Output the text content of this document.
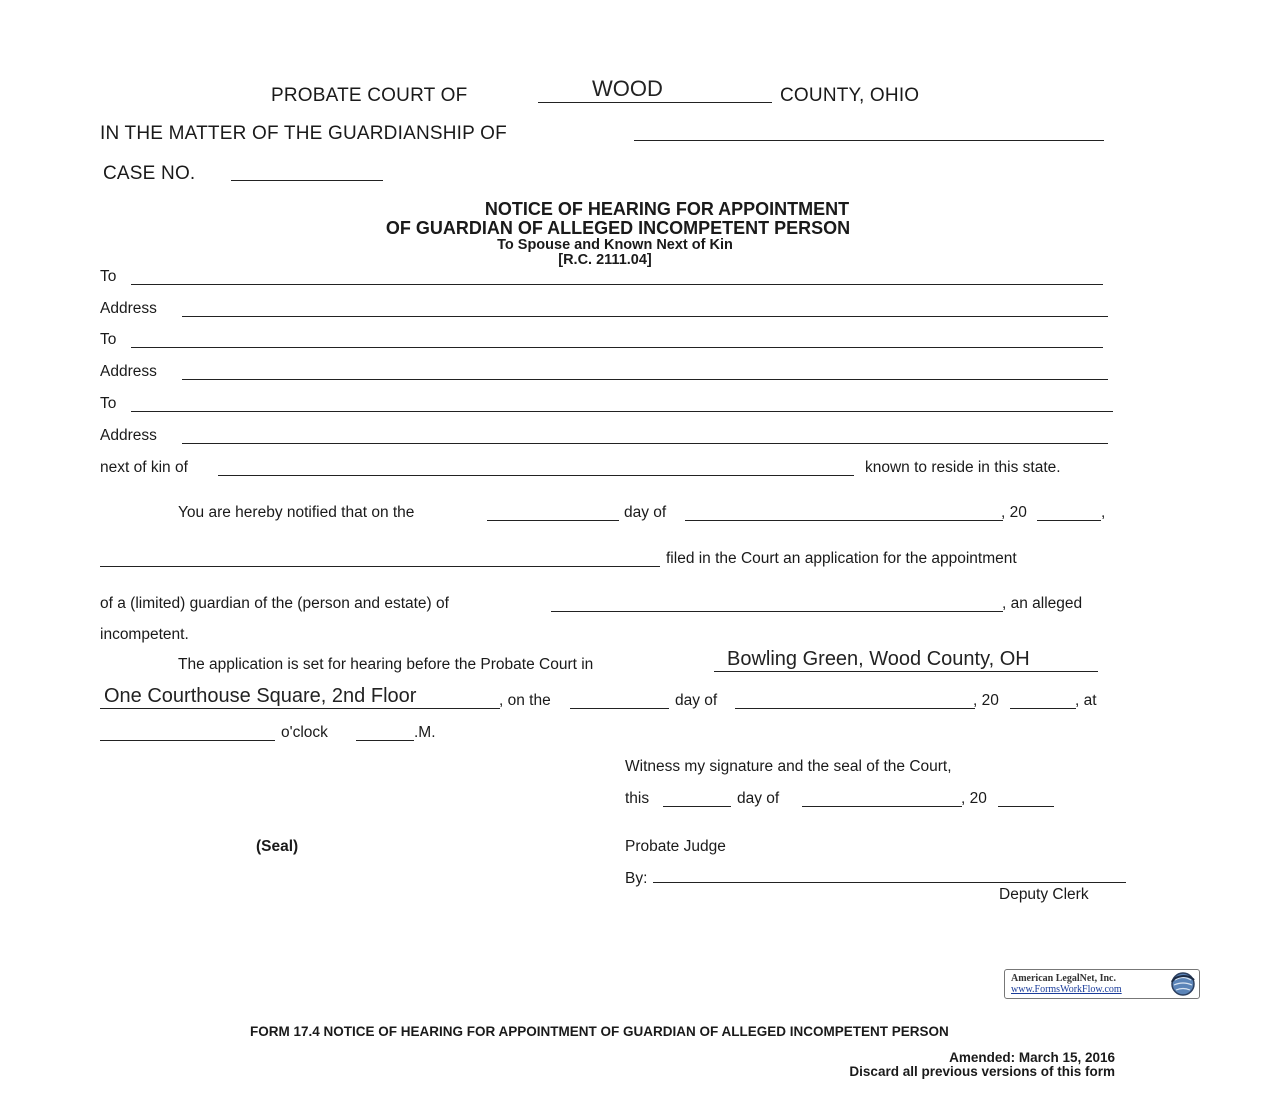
PROBATE COURT OF	WOOD	COUNTY, OHIO
IN THE MATTER OF THE GUARDIANSHIP OF
CASE NO.
NOTICE OF HEARING FOR APPOINTMENT
OF GUARDIAN OF ALLEGED INCOMPETENT PERSON
To Spouse and Known Next of Kin
[R.C. 2111.04]
To
Address
To
Address
To
Address
next of kin of	known to reside in this state.
You are hereby notified that on the	day of	, 20	,
filed in the Court an application for the appointment
of a (limited) guardian of the (person and estate) of	, an alleged
incompetent.
The application is set for hearing before the Probate Court in	Bowling Green, Wood County, OH
One Courthouse Square, 2nd Floor	, on the	day of	, 20	, at
o'clock	.M.
Witness my signature and the seal of the Court,
this	day of	, 20
(Seal)	Probate Judge
By:
Deputy Clerk
American LegalNet, Inc.
www.FormsWorkFlow.com
FORM 17.4 NOTICE OF HEARING FOR APPOINTMENT OF GUARDIAN OF ALLEGED INCOMPETENT PERSON
Amended: March 15, 2016
Discard all previous versions of this form
